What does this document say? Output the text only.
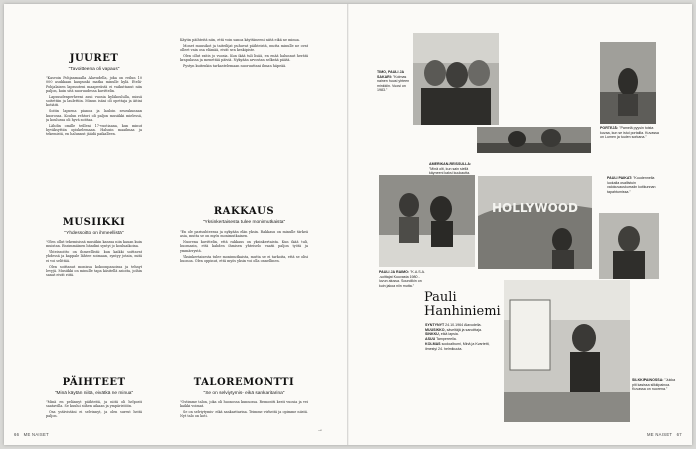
JUURET
"Tavoitteena oli vapaus"

"Kasvoin Pohjanmaalla Alavudella, joka on reilun 10 000 asukkaan kaupunki matka minulle kylä. Etelä-Pohjalaisen lapsuuteni maaperästä ei vaikuttanut niin paljon, kuin sitä nuoruudessa kuvittelin.

Lapsuudenperheeni asui vuosia kyläkoululla, missä soitettiin ja laulettiin. Minun isäni oli opettaja ja äitini kotiäiti.

Soitin lapsena pianoa ja lauloin seurakunnan kuorossa. Koulun rehtori oli paljon musiikki mielessä, ja koulussa oli hyvä soittaa.

Lähdin omille teilleni 17-vuotiaana, kun minut hyväksyttiin opiskelemaan. Halusin maailmaa ja tekemistä, en halunnut jäädä paikalleen.

MUSIIKKI
"Yhdessoitto on ihmeellistä"

"Olen ollut tekemisissä musiikin kanssa niin kauan kuin muistan. Ensimmäinen bändini syntyi jo kouluaikoina.

Yhteissoitto on ihmeellistä: kun kaikki soittavat yhdessä ja kappale lähtee soimaan, syntyy jotain, mitä ei voi selittää.

Olen soittanut monissa kokoonpanoissa ja tehnyt levyjä. Musiikki on minulle tapa käsitellä asioita, joihin sanat eivät riitä.

PÄIHTEET
"Minä käytän niitä, eivätkä ne minua"

"Minä en pelännyt päihteitä, ja niitä oli helposti saatavilla. Se kuului siihen aikaan ja ympäristöön.

Osa ystävistäni ei selvinnyt, ja olen surrut heitä paljon.

Käytin päihteitä niin, että voin sanoa käyttäneeni niitä eikä ne minua.

Monet muusikot ja taiteilijat puhuvat päihteistä, mutta minulle ne ovat olleet vain osa elämää, eivät sen keskipiste.

Olen ollut raitis jo vuosia. Kun ikää tuli lisää, en enää halunnut herätä krapulassa ja menettää päiviä. Nykyään arvostan selkeää päätä.

Pystyn kuitenkin tarkastelemaan nuoruuttani ilman häpeää.

RAKKAUS
"Yksinkertaisesta tulee monimutkaista"

"En ole parisuhteessa ja nykyään elän yksin. Rakkaus on minulle tärkeä asia, mutta se on myös monimutkainen.

Nuorena kuvittelin, että rakkaus on yksinkertaista. Kun ikää tuli, huomasin, että kahden ihmisen yhteiselo vaatii paljon työtä ja ymmärrystä.

Yksinkertaisesta tulee monimutkaista, mutta se ei tarkoita, että se olisi huonoa. Olen oppinut, että myös yksin voi olla onnellinen.

TALOREMONTTI
"Se on selviytymis- eikä sankaritarina"

"Ostimme talon, joka oli huonossa kunnossa. Remontti kesti vuosia ja vei kaikki voimat.

Se on selviytymis- eikä sankaritarina. Teimme virheitä ja opimme niistä. Nyt talo on koti.

TIMO, PAULI JA SAKARI: "Kolmas nainen huusi yhteen minkkiin. Vuosi on 1983."
PORTEJÄ: "Pamelä pyysin toista kuvaa, kun se istui portailla. Kuvassa on Lumen ja tuulen sorkana."
AMERIKAN-REISSULLA: "Minä olit, kun sain siellä käyneeni kaksi kuukautta.
HOLLYWOOD
PAULI JA RAIMO: "K.A.S.A. -soittajat Kuuvasta 1980 -luvun alussa. Soundikin on kuin jakoa niin mutta."
PAULI PAIKAT: "Kuudennella luokalla osallistuin valokuvauskurssiin kotikunnan tapahtumissa."
Pauli
Hanhiniemi
SYNTYNYT 24.10.1964 Alavudella.
MUUSIKKO, säveltäjä ja sanoittaja.
SINKKU, eikä lapsia.
ASUU Tampereella.
KOLMAS sooloalbumi, Minä ja Kvartetti, ilmestyi 24. helmikuuta.
SILKKIPAINOSSA: "Jukka piti kasissa silkkipainoa. Kuvassa on nuorena."
66 ME NAISET
→
ME NAISET 67
